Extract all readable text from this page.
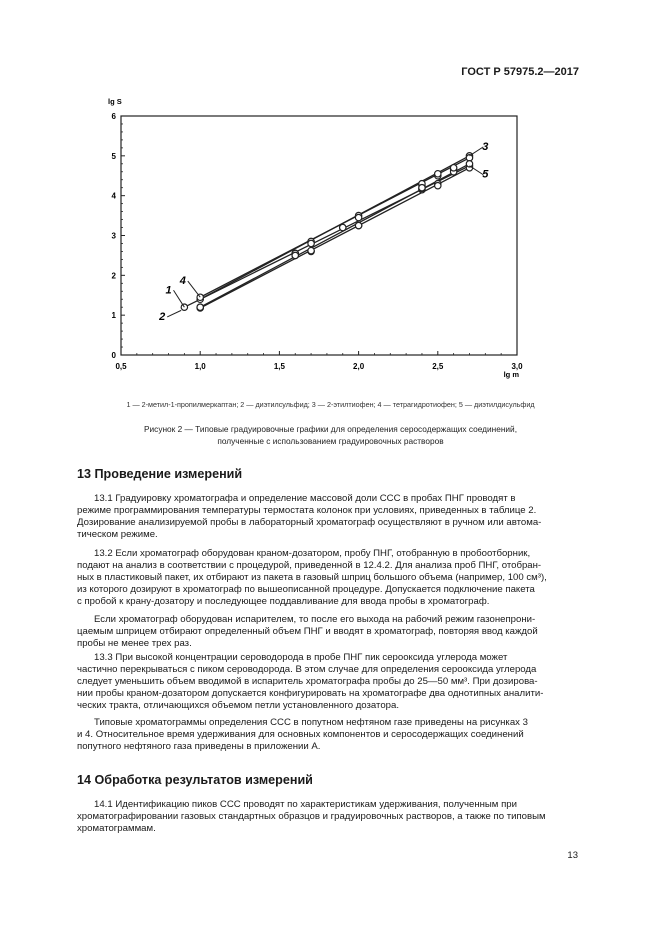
ГОСТ Р 57975.2—2017
0,5	1,0	1,5	2,0	2,5	3,0
0
1
2
3
4
5
6
lg S
lg m
1
2
3
4
5
1 — 2-метил-1-пропилмеркаптан; 2 — диэтилсульфид; 3 — 2-этилтиофен; 4 — тетрагидротиофен; 5 — диэтилдисульфид
Рисунок 2 — Типовые градуировочные графики для определения серосодержащих соединений,
полученные с использованием градуировочных растворов
13 Проведение измерений
13.1 Градуировку хроматографа и определение массовой доли ССС в пробах ПНГ проводят в
режиме программирования температуры термостата колонок при условиях, приведенных в таблице 2.
Дозирование анализируемой пробы в лабораторный хроматограф осуществляют в ручном или автома-
тическом режиме.
13.2 Если хроматограф оборудован краном-дозатором, пробу ПНГ, отобранную в пробоотборник,
подают на анализ в соответствии с процедурой, приведенной в 12.4.2. Для анализа проб ПНГ, отобран-
ных в пластиковый пакет, их отбирают из пакета в газовый шприц большого объема (например, 100 см³),
из которого дозируют в хроматограф по вышеописанной процедуре. Допускается подключение пакета
с пробой к крану-дозатору и последующее поддавливание для ввода пробы в хроматограф.
Если хроматограф оборудован испарителем, то после его выхода на рабочий режим газонепрони-
цаемым шприцем отбирают определенный объем ПНГ и вводят в хроматограф, повторяя ввод каждой
пробы не менее трех раз.
13.3 При высокой концентрации сероводорода в пробе ПНГ пик серооксида углерода может
частично перекрываться с пиком сероводорода. В этом случае для определения серооксида углерода
следует уменьшить объем вводимой в испаритель хроматографа пробы до 25—50 мм³. При дозирова-
нии пробы краном-дозатором допускается конфигурировать на хроматографе два однотипных аналити-
ческих тракта, отличающихся объемом петли установленного дозатора.
Типовые хроматограммы определения ССС в попутном нефтяном газе приведены на рисунках 3
и 4. Относительное время удерживания для основных компонентов и серосодержащих соединений
попутного нефтяного газа приведены в приложении А.
14 Обработка результатов измерений
14.1 Идентификацию пиков ССС проводят по характеристикам удерживания, полученным при
хроматографировании газовых стандартных образцов и градуировочных растворов, а также по типовым
хроматограммам.
13
